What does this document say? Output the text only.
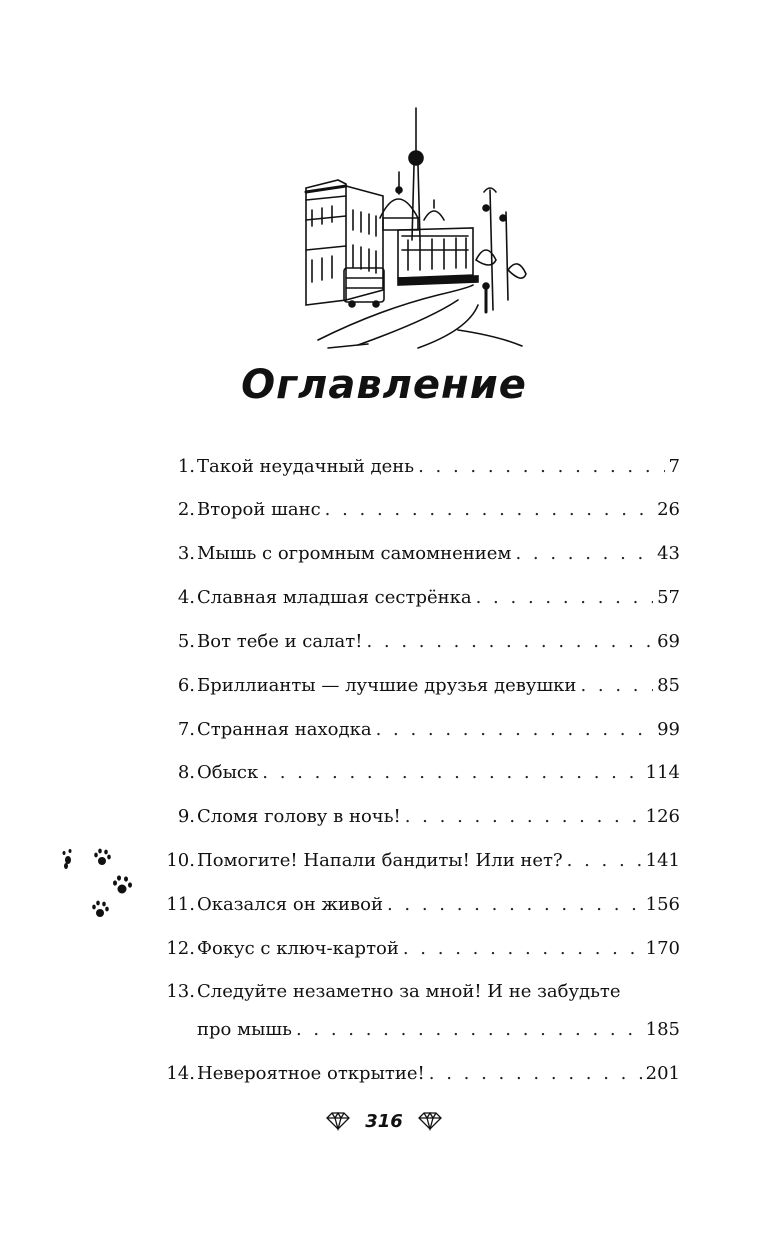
Оглавление
1. Такой неудачный день . . .	7
2. Второй шанс . . .	26
3. Мышь с огромным самомнением . . .	43
4. Славная младшая сестрёнка . . .	57
5. Вот тебе и салат! . . .	69
6. Бриллианты — лучшие друзья девушки . . .	85
7. Странная находка . . .	99
8. Обыск . . .	114
9. Сломя голову в ночь! . . .	126
10. Помогите! Напали бандиты! Или нет? . . .	141
11. Оказался он живой . . .	156
12. Фокус с ключ-картой . . .	170
13. Следуйте незаметно за мной! И не забудьте
про мышь . . .	185
14. Невероятное открытие! . . .	201
316
